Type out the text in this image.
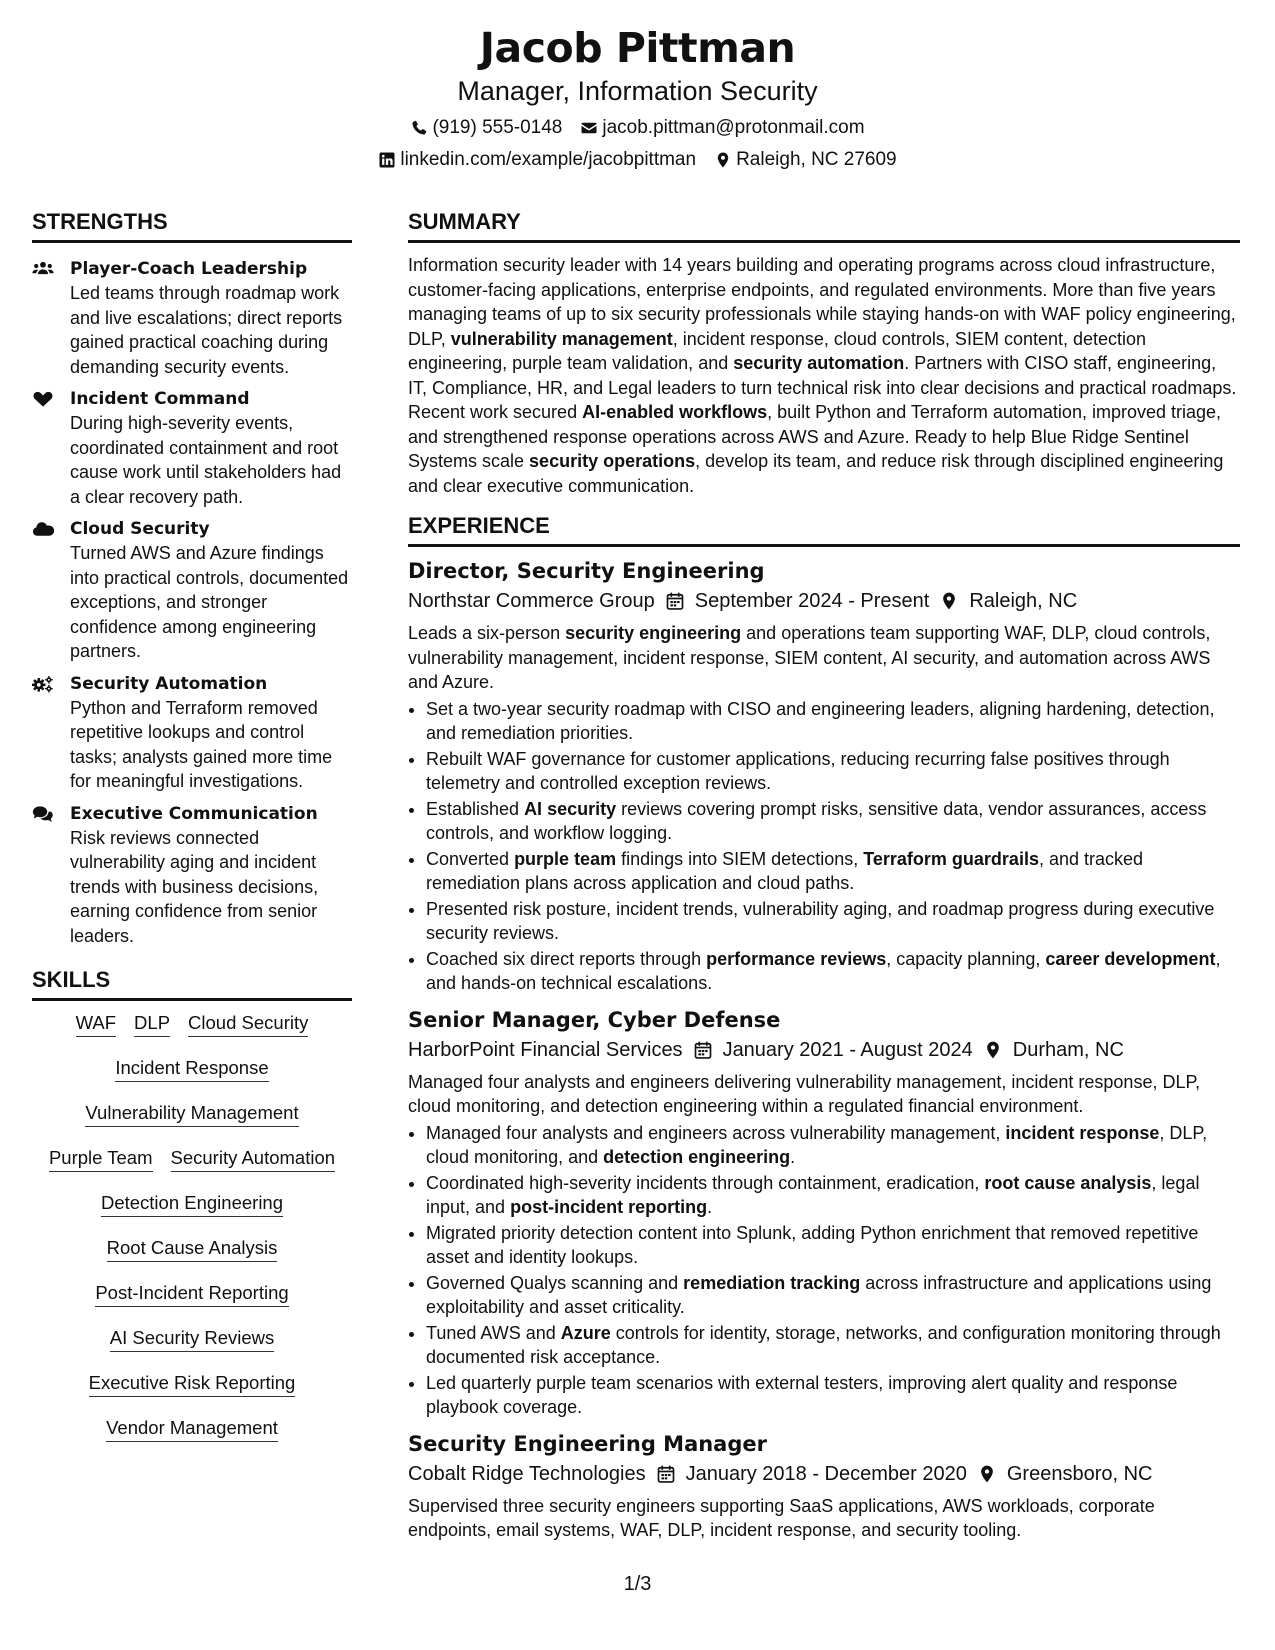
Jacob Pittman
Manager, Information Security
(919) 555-0148 jacob.pittman@protonmail.com
linkedin.com/example/jacobpittman Raleigh, NC 27609
STRENGTHS
Player-Coach Leadership
Led teams through roadmap work and live escalations; direct reports gained practical coaching during demanding security events.
Incident Command
During high-severity events, coordinated containment and root cause work until stakeholders had a clear recovery path.
Cloud Security
Turned AWS and Azure findings into practical controls, documented exceptions, and stronger confidence among engineering partners.
Security Automation
Python and Terraform removed repetitive lookups and control tasks; analysts gained more time for meaningful investigations.
Executive Communication
Risk reviews connected vulnerability aging and incident trends with business decisions, earning confidence from senior leaders.
SKILLS
WAF DLP Cloud Security
Incident Response
Vulnerability Management
Purple Team Security Automation
Detection Engineering
Root Cause Analysis
Post-Incident Reporting
AI Security Reviews
Executive Risk Reporting
Vendor Management
SUMMARY
Information security leader with 14 years building and operating programs across cloud infrastructure, customer-facing applications, enterprise endpoints, and regulated environments. More than five years managing teams of up to six security professionals while staying hands-on with WAF policy engineering, DLP, vulnerability management, incident response, cloud controls, SIEM content, detection engineering, purple team validation, and security automation. Partners with CISO staff, engineering, IT, Compliance, HR, and Legal leaders to turn technical risk into clear decisions and practical roadmaps. Recent work secured AI-enabled workflows, built Python and Terraform automation, improved triage, and strengthened response operations across AWS and Azure. Ready to help Blue Ridge Sentinel Systems scale security operations, develop its team, and reduce risk through disciplined engineering and clear executive communication.
EXPERIENCE
Director, Security Engineering
Northstar Commerce Group September 2024 - Present Raleigh, NC
Leads a six-person security engineering and operations team supporting WAF, DLP, cloud controls, vulnerability management, incident response, SIEM content, AI security, and automation across AWS and Azure.
• Set a two-year security roadmap with CISO and engineering leaders, aligning hardening, detection, and remediation priorities.
• Rebuilt WAF governance for customer applications, reducing recurring false positives through telemetry and controlled exception reviews.
• Established AI security reviews covering prompt risks, sensitive data, vendor assurances, access controls, and workflow logging.
• Converted purple team findings into SIEM detections, Terraform guardrails, and tracked remediation plans across application and cloud paths.
• Presented risk posture, incident trends, vulnerability aging, and roadmap progress during executive security reviews.
• Coached six direct reports through performance reviews, capacity planning, career development, and hands-on technical escalations.
Senior Manager, Cyber Defense
HarborPoint Financial Services January 2021 - August 2024 Durham, NC
Managed four analysts and engineers delivering vulnerability management, incident response, DLP, cloud monitoring, and detection engineering within a regulated financial environment.
• Managed four analysts and engineers across vulnerability management, incident response, DLP, cloud monitoring, and detection engineering.
• Coordinated high-severity incidents through containment, eradication, root cause analysis, legal input, and post-incident reporting.
• Migrated priority detection content into Splunk, adding Python enrichment that removed repetitive asset and identity lookups.
• Governed Qualys scanning and remediation tracking across infrastructure and applications using exploitability and asset criticality.
• Tuned AWS and Azure controls for identity, storage, networks, and configuration monitoring through documented risk acceptance.
• Led quarterly purple team scenarios with external testers, improving alert quality and response playbook coverage.
Security Engineering Manager
Cobalt Ridge Technologies January 2018 - December 2020 Greensboro, NC
Supervised three security engineers supporting SaaS applications, AWS workloads, corporate endpoints, email systems, WAF, DLP, incident response, and security tooling.
1/3
